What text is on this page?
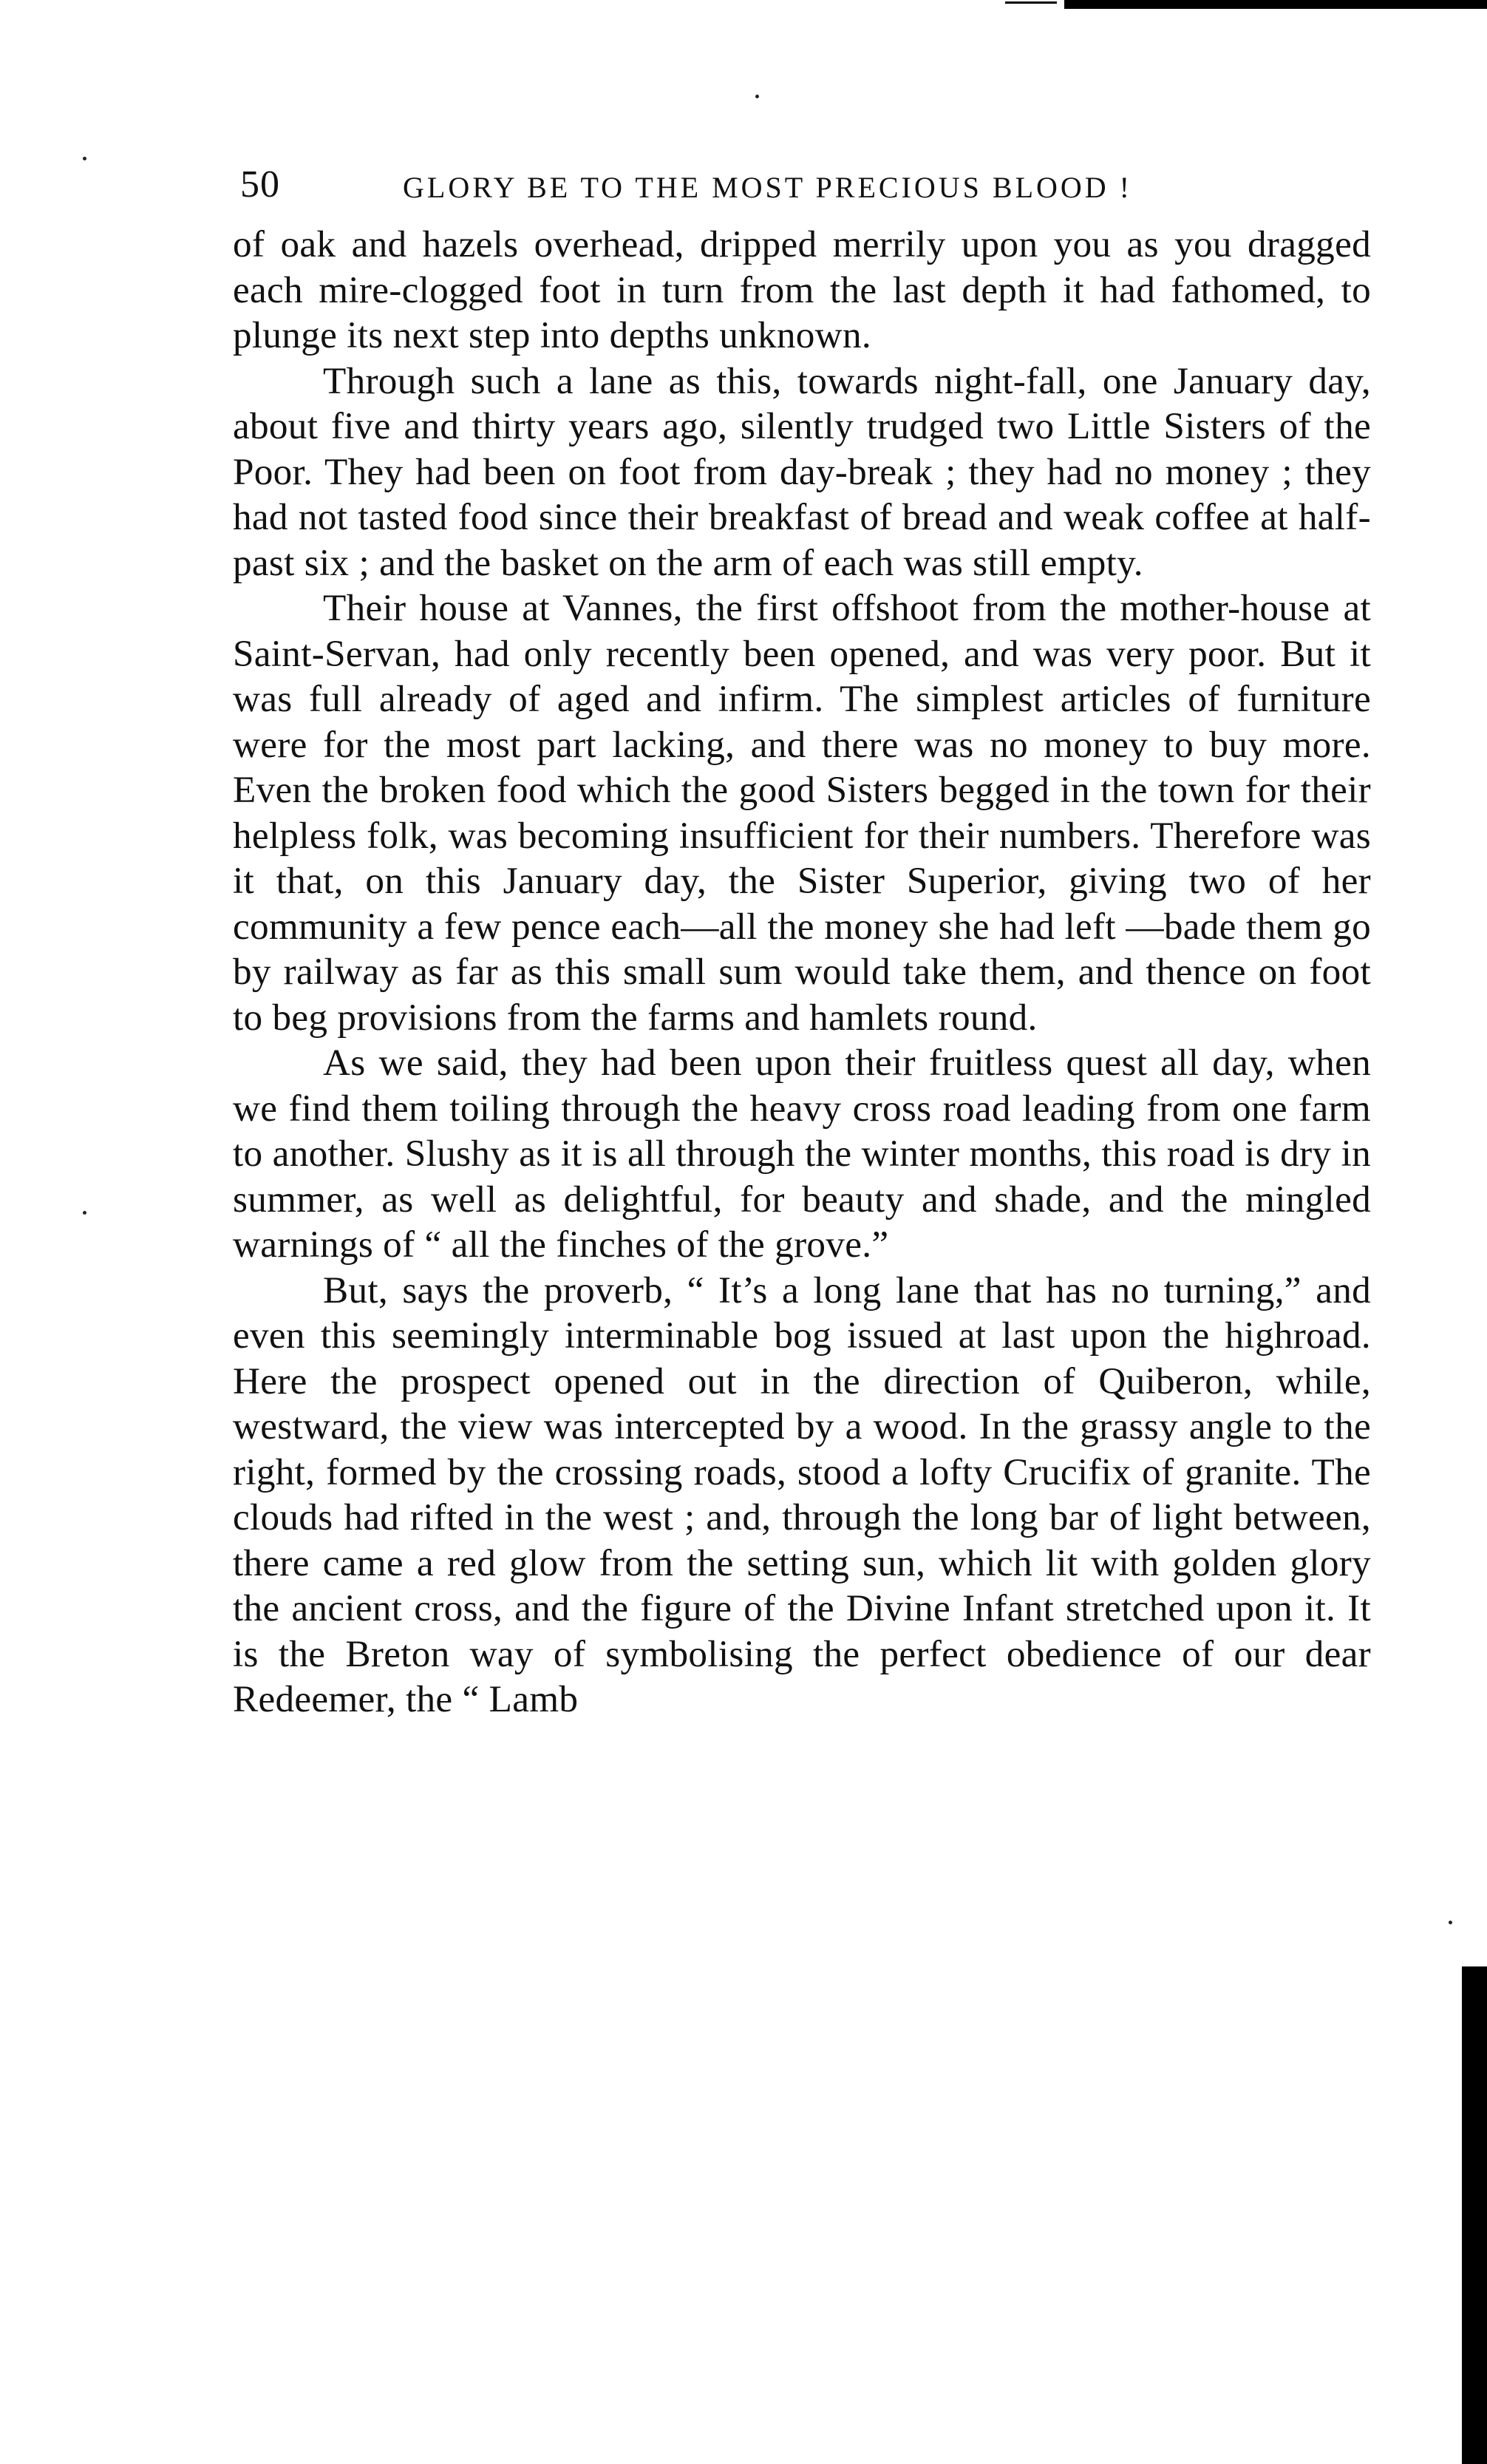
50	GLORY BE TO THE MOST PRECIOUS BLOOD !

of oak and hazels overhead, dripped merrily upon you as you dragged each mire-clogged foot in turn from the last depth it had fathomed, to plunge its next step into depths unknown.

Through such a lane as this, towards night-fall, one January day, about five and thirty years ago, silently trudged two Little Sisters of the Poor. They had been on foot from day-break ; they had no money ; they had not tasted food since their breakfast of bread and weak coffee at half-past six ; and the basket on the arm of each was still empty.

Their house at Vannes, the first offshoot from the mother-house at Saint-Servan, had only recently been opened, and was very poor. But it was full already of aged and infirm. The simplest articles of furniture were for the most part lacking, and there was no money to buy more. Even the broken food which the good Sisters begged in the town for their helpless folk, was becoming insufficient for their numbers. Therefore was it that, on this January day, the Sister Superior, giving two of her community a few pence each—all the money she had left —bade them go by railway as far as this small sum would take them, and thence on foot to beg provisions from the farms and hamlets round.

As we said, they had been upon their fruitless quest all day, when we find them toiling through the heavy cross road leading from one farm to another. Slushy as it is all through the winter months, this road is dry in summer, as well as delightful, for beauty and shade, and the mingled warnings of “ all the finches of the grove.”

But, says the proverb, “ It’s a long lane that has no turning,” and even this seemingly interminable bog issued at last upon the highroad. Here the prospect opened out in the direction of Quiberon, while, westward, the view was intercepted by a wood. In the grassy angle to the right, formed by the crossing roads, stood a lofty Crucifix of granite. The clouds had rifted in the west ; and, through the long bar of light between, there came a red glow from the setting sun, which lit with golden glory the ancient cross, and the figure of the Divine Infant stretched upon it. It is the Breton way of symbolising the perfect obedience of our dear Redeemer, the “ Lamb
